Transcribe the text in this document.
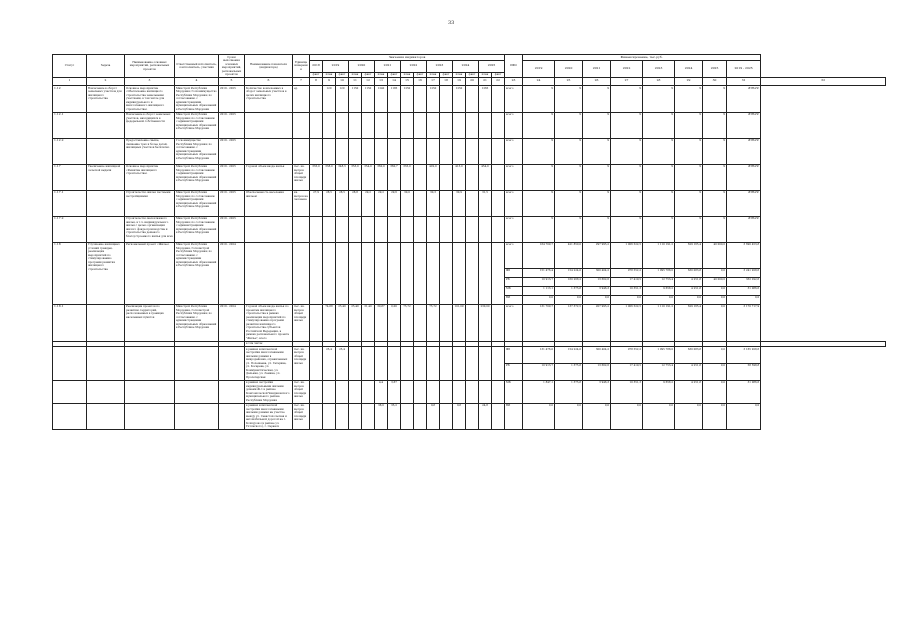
33
Статус	Задача	Наименование основных мероприятий, региональных проектов	Ответственный исполнитель, соисполнитель, участник	Сроки выполнения основных мероприятий, региональных проектов	Наименование показателя (индикатора)	Единица измерения	Значения индикаторов															ИФО	Финансирование, тыс.руб.								
							2018	2019		2020		2021		2022		2023		2024		2025			2019	2020	2021	2022	2023	2024	2025	2019 - 2025	
							факт	план	факт	план	факт	план	факт	план	факт	план	факт	план	факт	план	факт										
1	2	3	4	5	6	7	8	9	10	11	12	13	14	15	16	17	18	19	20	21	22	23	24	25	26	27	28	29	30	31	32
1.12	Вовлечение в оборот земельных участков для жилищного строительства	Основное мероприятие «Обеспечение жилищного строительства земельными участками, в том числе для индивидуального и многоэтажного жилищного строительства»	Минстрой Республики Мордовия; Госкомимущество Республики Мордовия; по согласованию с администрациями муниципальных образований в Республике Мордовия	2019 - 2025	Количество вовлеченных в оборот земельных участков в целях жилищного строительства	ед.		120	120	1150	1150	1240	1185	1250		1250		1250		1265		всего	Х	Х	Х	Х	Х	Х	Х	#ЗНАЧ!	
1.12.1		Вовлечение в оборот земельных участков, находящихся в федеральной собственности	Минстрой Республики Мордовия; по согласованию с администрациями муниципальных образований в Республике Мордовия	2019 - 2025																		всего	Х	Х	Х	Х	Х	Х	Х	#ЗНАЧ!	
1.12.2		Предоставление свыше, снижение трех и более детей, жилищных участков бесплатно	Госкомимущество Республики Мордовия; по согласованию с администрациями муниципальных образований в Республике Мордовия	2019 - 2025																		всего	Х	Х	Х	Х	Х	Х	Х	#ЗНАЧ!	
1.17	Увеличение жилищной сельской выдачи	Основное мероприятие «Развитие жилищного строительства»	Минстрой Республики Мордовия; по согласованию с администрациями муниципальных образований в Республике Мордовия	2019 - 2025	Годовой объем ввода жилья	тыс. кв. метров общей площади жилья	335,0	338,0	348,3	353,0	354,0	360,0	360,7	335,0		402,0		413,0		454,0		всего	Х	Х	Х	Х	Х	Х	Х	#ЗНАЧ!	
1.17.1		Строительство жилья частными застройщиками	Минстрой Республики Мордовия; по согласованию с администрациями муниципальных образований в Республике Мордовия	2019 - 2025	Обеспеченность населения жильем	кв. метров на человека	27,9	28,5	28,5	28,8	29,2	29,2	29,6	30,0		30,3		30,9		31,5		всего	Х	Х	Х	Х	Х	Х	Х	#ЗНАЧ!	
1.17.2		Строительство малоэтажного жилья, в т.ч. индивидуального жилья с целью организации жилого фонда производства и строительства дешевого благоустроенного жилья для всех	Минстрой Республики Мордовия; по согласованию с администрациями муниципальных образований в Республике Мордовия	2019 - 2025																		всего	Х	Х	Х	Х	Х	Х	Х	#ЗНАЧ!	
1.18	Улучшение жилищных условий граждан, реализация мероприятий по стимулированию программ развития жилищного строительства	Региональный проект «Жилье»	Минстрой Республики Мордовия, Госкомстрой Республики Мордовия; по согласованию с администрациями муниципальных образований в Республике Мордовия	2019 - 2024																		всего	164 709,7	421 850,0	297 995,2	1 006 522,5	1 110 191,2	629 165,4	40 000,0	3 690 453,8	
																						ФБ	151 476,4	154 224,0	300 404,2	978 552,2	1 095 788,0	630 083,8	0,0	3 241 928,6	
																						РБ	10 913,7	160 268,2	13 662,6	17 419,5	12 753,4	4 251,8	40 000,0	332 292,6	
																						МБ	1 113,1	1 375,8	3 946,3	10 351,3	9 658,2	4 251,8	0,0	31 086,6	
																						ВИ	0,0	0,0	0,0	0,0	0,0	0,0	0,0	0,0	
1.18.1		Реализация проектов по развитию территорий, расположенных в границах населенных пунктов	Минстрой Республики Мордовия, Госкомстрой Республики Мордовия; по согласованию с администрациями муниципальных образований в Республике Мордовия	2019 - 2024	Годовой объем ввода жилья по проектам жилищного строительства в рамках реализации мероприятий по стимулированию программ развития жилищного строительства субъектов Российской Федерации, в рамках регионального проекта "Жилье", всего	тыс. кв. метров общей площади жилья		74,68	25,40	25,40	31,40	30,87	0,00	75,72		75,72		101,09		230,00		всего	131 709,7	137 372,5	207 995,2	1 006 522,5	1 110 191,2	629 165,4	0,0	3 170 717,9	
					в том числе:																										
					в рамках комплексной застройки многоэтажными жилыми домами в микрорайонах, ограниченных ул. Полежаева, ул. Гагарина, ул. Косарева, ул. Коммунистическая, ул. Дальняя, ул. Ленина, ул. Пролетарская	тыс. кв. метров общей площади жилья		25,4	25,4													ФБ	131 476,0	154 224,0	300 404,2	978 552,2	1 095 788,0	630 083,8	0,0	3 165 928,6	
																						РБ	10 913,7	1 375,8	13 662,6	17 419,5	12 753,4	4 251,8	0,0	58 598,8	
					в рамках застройки индивидуальными жилыми домами Ж-1 в районе Комсомольской Чиндяновского муниципального района Республики Мордовия	тыс. кв. метров общей площади жилья						4,4	3,67									МБ	1 847,1	1 375,8	3 946,3	10 351,3	9 658,2	4 251,8	0,0	31 086,6	
					в рамках комплексной застройки многоэтажными жилыми домами на участке между ул. Севастопольская и автомобильной дорогой на г. Кочкурово (в районе ул. Ухтомского), г. Саранск	тыс. кв. метров общей площади жилья						38,0	35,2			9,8		9,8		24,8		ВИ	0,0	0,0	0,0	0,0	0,0	0,0	0,0	0,0	
